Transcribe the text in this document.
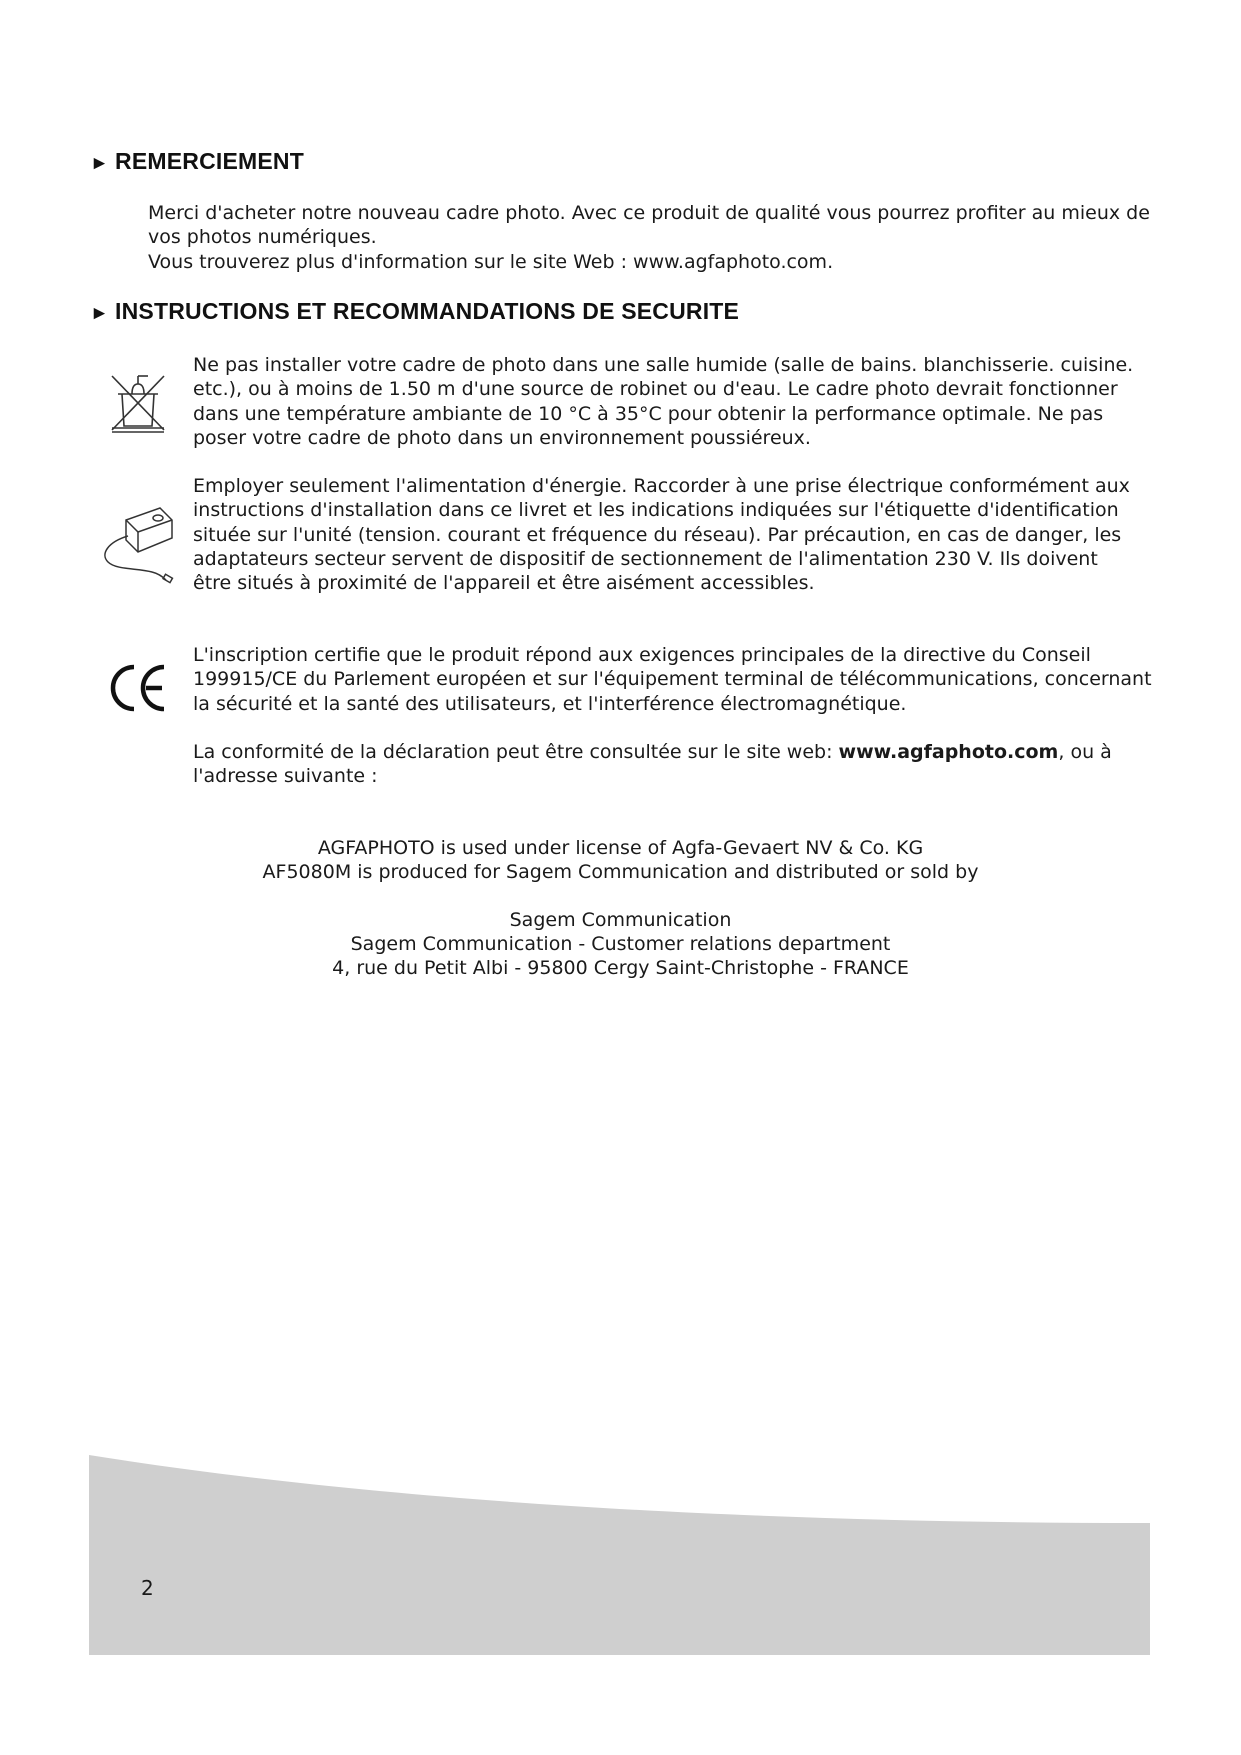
► REMERCIEMENT

Merci d'acheter notre nouveau cadre photo. Avec ce produit de qualité vous pourrez profiter au mieux de
vos photos numériques.
Vous trouverez plus d'information sur le site Web : www.agfaphoto.com.

► INSTRUCTIONS ET RECOMMANDATIONS DE SECURITE

Ne pas installer votre cadre de photo dans une salle humide (salle de bains. blanchisserie. cuisine.
etc.), ou à moins de 1.50 m d'une source de robinet ou d'eau. Le cadre photo devrait fonctionner
dans une température ambiante de 10 °C à 35°C pour obtenir la performance optimale. Ne pas
poser votre cadre de photo dans un environnement poussiéreux.

Employer seulement l'alimentation d'énergie. Raccorder à une prise électrique conformément aux
instructions d'installation dans ce livret et les indications indiquées sur l'étiquette d'identification
située sur l'unité (tension. courant et fréquence du réseau). Par précaution, en cas de danger, les
adaptateurs secteur servent de dispositif de sectionnement de l'alimentation 230 V. Ils doivent
être situés à proximité de l'appareil et être aisément accessibles.

L'inscription certifie que le produit répond aux exigences principales de la directive du Conseil
199915/CE du Parlement européen et sur l'équipement terminal de télécommunications, concernant
la sécurité et la santé des utilisateurs, et l'interférence électromagnétique.

La conformité de la déclaration peut être consultée sur le site web: www.agfaphoto.com, ou à
l'adresse suivante :

AGFAPHOTO is used under license of Agfa-Gevaert NV & Co. KG
AF5080M is produced for Sagem Communication and distributed or sold by
Sagem Communication
Sagem Communication - Customer relations department
4, rue du Petit Albi - 95800 Cergy Saint-Christophe - FRANCE

2
